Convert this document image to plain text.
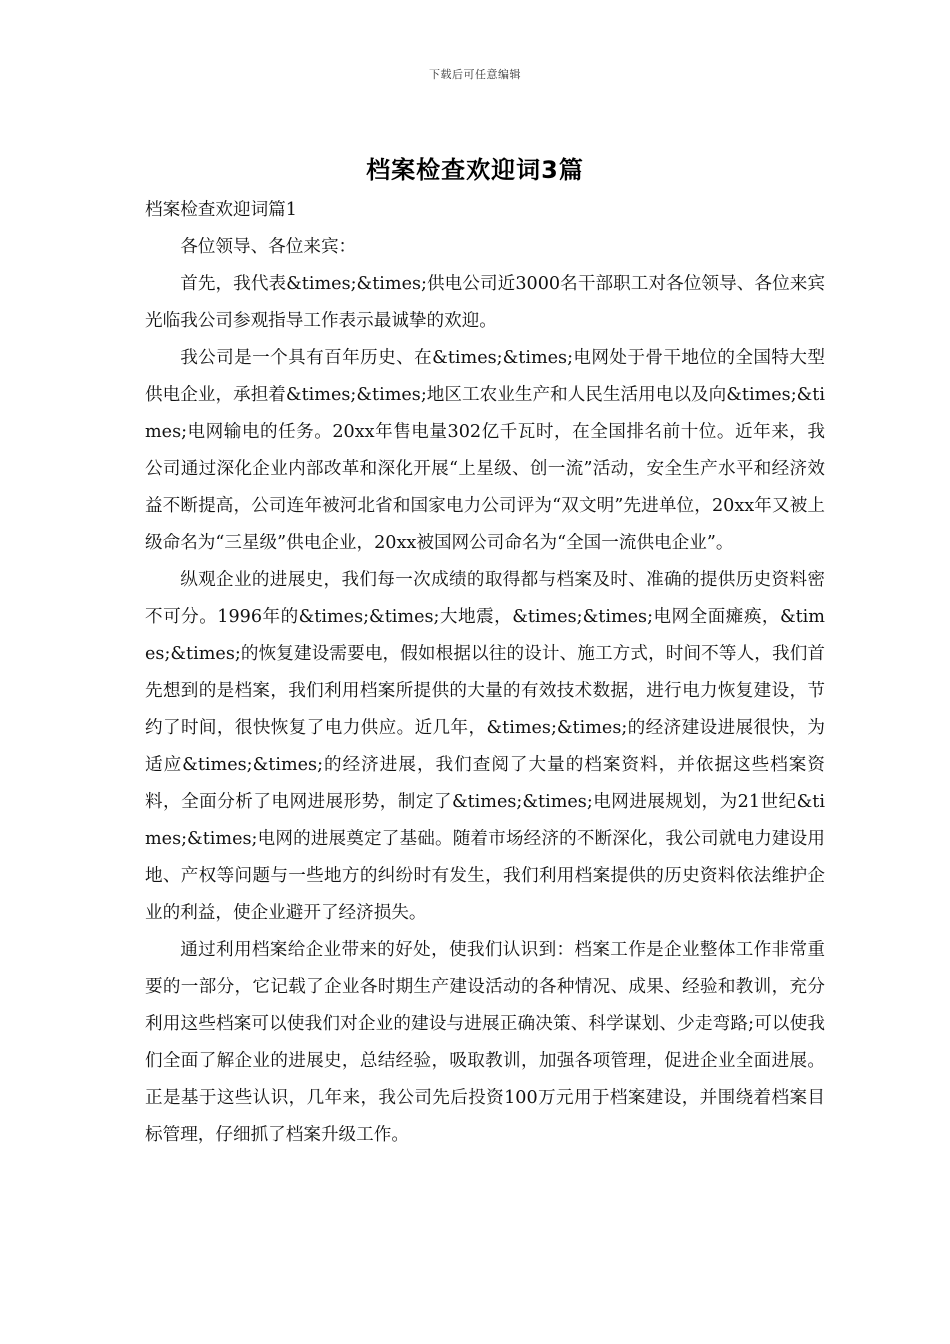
下载后可任意编辑
档案检查欢迎词3篇

档案检查欢迎词篇1

各位领导、各位来宾：

首先，我代表&times;&times;供电公司近3000名干部职工对各位领导、各位来宾光临我公司参观指导工作表示最诚挚的欢迎。

我公司是一个具有百年历史、在&times;&times;电网处于骨干地位的全国特大型供电企业，承担着&times;&times;地区工农业生产和人民生活用电以及向&times;&times;电网输电的任务。20xx年售电量302亿千瓦时，在全国排名前十位。近年来，我公司通过深化企业内部改革和深化开展“上星级、创一流”活动，安全生产水平和经济效益不断提高，公司连年被河北省和国家电力公司评为“双文明”先进单位，20xx年又被上级命名为“三星级”供电企业，20xx被国网公司命名为“全国一流供电企业”。

纵观企业的进展史，我们每一次成绩的取得都与档案及时、准确的提供历史资料密不可分。1996年的&times;&times;大地震，&times;&times;电网全面瘫痪，&times;&times;的恢复建设需要电，假如根据以往的设计、施工方式，时间不等人，我们首先想到的是档案，我们利用档案所提供的大量的有效技术数据，进行电力恢复建设，节约了时间，很快恢复了电力供应。近几年，&times;&times;的经济建设进展很快，为适应&times;&times;的经济进展，我们查阅了大量的档案资料，并依据这些档案资料，全面分析了电网进展形势，制定了&times;&times;电网进展规划，为21世纪&times;&times;电网的进展奠定了基础。随着市场经济的不断深化，我公司就电力建设用地、产权等问题与一些地方的纠纷时有发生，我们利用档案提供的历史资料依法维护企业的利益，使企业避开了经济损失。

通过利用档案给企业带来的好处，使我们认识到：档案工作是企业整体工作非常重要的一部分，它记载了企业各时期生产建设活动的各种情况、成果、经验和教训，充分利用这些档案可以使我们对企业的建设与进展正确决策、科学谋划、少走弯路;可以使我们全面了解企业的进展史，总结经验，吸取教训，加强各项管理，促进企业全面进展。正是基于这些认识，几年来，我公司先后投资100万元用于档案建设，并围绕着档案目标管理，仔细抓了档案升级工作。
